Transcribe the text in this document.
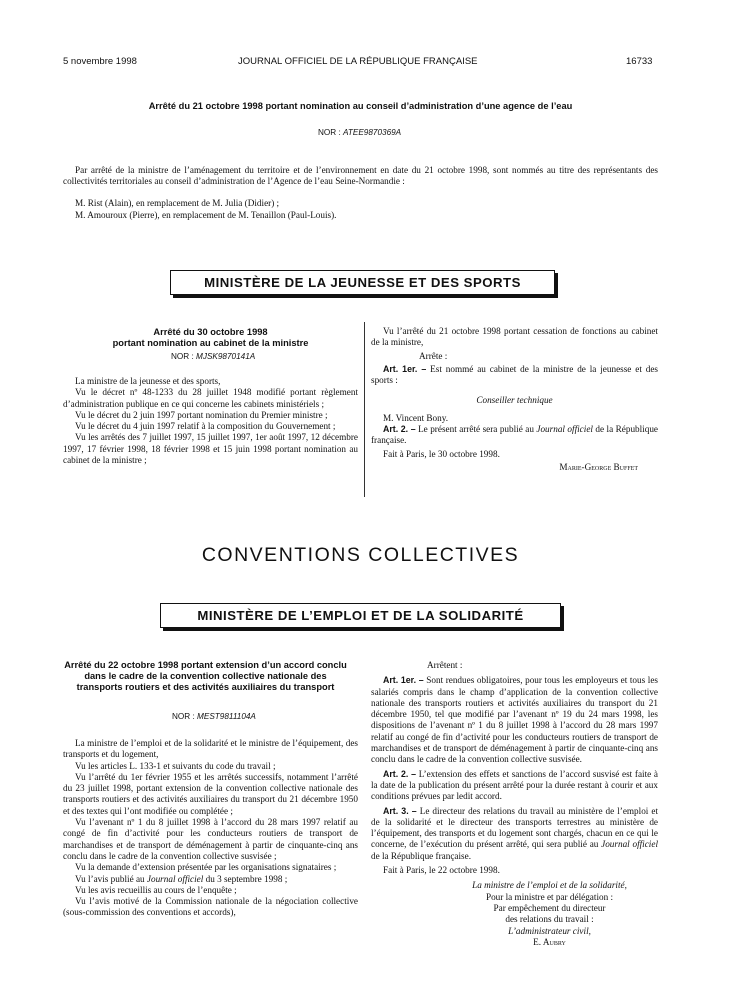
5 novembre 1998	JOURNAL OFFICIEL DE LA RÉPUBLIQUE FRANÇAISE	16733
Arrêté du 21 octobre 1998 portant nomination au conseil d’administration d’une agence de l’eau
NOR : ATEE9870369A

Par arrêté de la ministre de l’aménagement du territoire et de l’environnement en date du 21 octobre 1998, sont nommés au titre des représentants des collectivités territoriales au conseil d’administration de l’Agence de l’eau Seine-Normandie :

M. Rist (Alain), en remplacement de M. Julia (Didier) ;

M. Amouroux (Pierre), en remplacement de M. Tenaillon (Paul-Louis).

MINISTÈRE DE LA JEUNESSE ET DES SPORTS
Arrêté du 30 octobre 1998
portant nomination au cabinet de la ministre
NOR : MJSK9870141A

La ministre de la jeunesse et des sports,

Vu le décret nº 48-1233 du 28 juillet 1948 modifié portant règlement d’administration publique en ce qui concerne les cabinets ministériels ;

Vu le décret du 2 juin 1997 portant nomination du Premier ministre ;

Vu le décret du 4 juin 1997 relatif à la composition du Gouvernement ;

Vu les arrêtés des 7 juillet 1997, 15 juillet 1997, 1er août 1997, 12 décembre 1997, 17 février 1998, 18 février 1998 et 15 juin 1998 portant nomination au cabinet de la ministre ;

Vu l’arrêté du 21 octobre 1998 portant cessation de fonctions au cabinet de la ministre,

Arrête :

Art. 1er. – Est nommé au cabinet de la ministre de la jeunesse et des sports :

Conseiller technique

M. Vincent Bony.

Art. 2. – Le présent arrêté sera publié au Journal officiel de la République française.

Fait à Paris, le 30 octobre 1998.

Marie-George Buffet

CONVENTIONS COLLECTIVES
MINISTÈRE DE L’EMPLOI ET DE LA SOLIDARITÉ
Arrêté du 22 octobre 1998 portant extension d’un accord conclu dans le cadre de la convention collective nationale des transports routiers et des activités auxiliaires du transport
NOR : MEST9811104A

La ministre de l’emploi et de la solidarité et le ministre de l’équipement, des transports et du logement,

Vu les articles L. 133-1 et suivants du code du travail ;

Vu l’arrêté du 1er février 1955 et les arrêtés successifs, notamment l’arrêté du 23 juillet 1998, portant extension de la convention collective nationale des transports routiers et des activités auxiliaires du transport du 21 décembre 1950 et des textes qui l’ont modifiée ou complétée ;

Vu l’avenant nº 1 du 8 juillet 1998 à l’accord du 28 mars 1997 relatif au congé de fin d’activité pour les conducteurs routiers de transport de marchandises et de transport de déménagement à partir de cinquante-cinq ans conclu dans le cadre de la convention collective susvisée ;

Vu la demande d’extension présentée par les organisations signataires ;

Vu l’avis publié au Journal officiel du 3 septembre 1998 ;

Vu les avis recueillis au cours de l’enquête ;

Vu l’avis motivé de la Commission nationale de la négociation collective (sous-commission des conventions et accords),

Arrêtent :

Art. 1er. – Sont rendues obligatoires, pour tous les employeurs et tous les salariés compris dans le champ d’application de la convention collective nationale des transports routiers et activités auxiliaires du transport du 21 décembre 1950, tel que modifié par l’avenant nº 19 du 24 mars 1998, les dispositions de l’avenant nº 1 du 8 juillet 1998 à l’accord du 28 mars 1997 relatif au congé de fin d’activité pour les conducteurs routiers de transport de marchandises et de transport de déménagement à partir de cinquante-cinq ans conclu dans le cadre de la convention collective susvisée.

Art. 2. – L’extension des effets et sanctions de l’accord susvisé est faite à la date de la publication du présent arrêté pour la durée restant à courir et aux conditions prévues par ledit accord.

Art. 3. – Le directeur des relations du travail au ministère de l’emploi et de la solidarité et le directeur des transports terrestres au ministère de l’équipement, des transports et du logement sont chargés, chacun en ce qui le concerne, de l’exécution du présent arrêté, qui sera publié au Journal officiel de la République française.

Fait à Paris, le 22 octobre 1998.

La ministre de l’emploi et de la solidarité,

Pour la ministre et par délégation :

Par empêchement du directeur

des relations du travail :

L’administrateur civil,

E. Aubry
